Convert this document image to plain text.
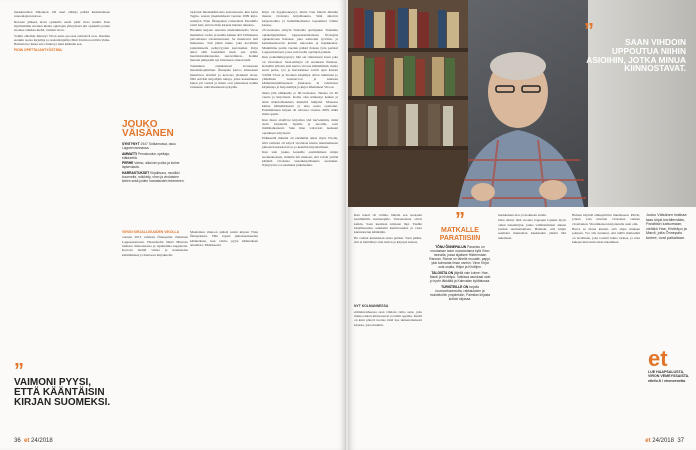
huokkareiden Tallennan. Oli saari elämys päästä kurkistamaan runoantajaan katsoo.

Retosan jälkeen aloin opiskella ensin pään vireo kiekiä. Kun myöhemmin suomen kielen opintojen yhteydessä piti opiskella jonain suomea vaikkaa kieltä, valitsin viron.

Voihin alkoihin ilmestyi Viron uutta proosaa esittelevä teos. Ihastuin etenkin teosta kirjailija ja teatterikirjailija Matt Unitin novelliin Veika. Halusin tuo lukea sen viruksi ja siksi käännän sen.

PIDIN OPETTAJANTYÖSTÄNI,

”
VAIMONI PYYSI, ETTÄ KÄÄNTÄISIN KIRJAN SUOMEKSI.
JOUKO VÄISÄNEN
SYNTYNYT 1947 Sotkamossa, asuu Lappeenrannassa.
AMMATTI Peruskoulun opettaja, eläkkeellä.
PERHE Vaimo, aikuinen poika ja kolme lapsenlasta.
HARRASTUKSET Kirjallisuus, musiikki kuunnella, mökkeily, viron ja virolaisten kielen sekä joiden harrastusten tekeminen.

tarjoutui mielenkiintoista seuratessaan, kun kaisa Tagita- seuran jäsenlehdessä vuonna 2009 kirja-esittelyn Tõnu Õnnepalun romaanista Paraniillo tontti heti, että tuolloin kirjaan halusin tutustua.

Huokkin kirjaan seurasin mielenkiinnolla Viron matkailua varten ja kuulin kaiken sitä Tallinnassa palvomattaa odotettelesaani. Se muuttavat heti mukaansa. Tuli jännä tunne, joka kovallisin jonkinlaiselle pelkyvyyden kerroksiksi. Kirja alkoi sillä kaunilleni kieli, sen rytmi, huomioinnitkarauden, sanavalinnat... Kaikki merenä jumpsahti nyt kitselseen omaan kieli.

Tuleminen ennäkaisesti tavusuoeen maalaiskoptiimien. Õnnepalu kertoo arkisensen muuttuvat elävästi ja kerrotaa yhdeksät tavua. Öllä selvästi kirjailijan tuttaja, jotka kokemuksia kuten yöt vuoksi ja miten ovat pääasiassa kaikki totuuksia, eikä muuttunut nykyään.

VIRON KIRJALLISUUDEN VIKOLLA

vuonna 2013 vaimoni Õnnepalun viimeisen Lappeenrantaan. Haastattelin häntä Mistoste tuulisen mainonnassa ja tapahtumia kappaleita. Kerroin meillä viitata ja kaunistelua kehittämisen ja Kantaoss Kirjakuvali.

Muutaman vikkoon päästä saisin kirjeen Tõnu Õnnepalusta. Hän lupasi julkaisuoikeuden käännöksen, kun vaimo pyysi käännöksen antamista. Päätöksestä.

Kirja oli hyppinoneevyt, mutta Une lähetti minulle muuna virolaisia kirjallisuutta. Siitä alkoivat kirjeenvaihto ja henkilökohtaiset tapaamiset Unitin kanssa.

25-vuotiaana siirryin Vantaalle opettajaksi. Tutustuin opiskelijajäsilissa lappeenrantalaiseen filologiaa opiskelevaan Kalasen, joka auttaoilut tyrvärin- ja kannaksentavoin kielten tekoorien ja hajakkeelsa. Muutimme pariin vuoden päästä Kaisan työn perässä Lappeenrantaan, jossa sain tuolin opettajan paikan.

Kun poikammeysyntyi, hän sai rinneloisen haan joka on virolainen. Saan-nimeyn oli suomessa ilmaiset. Kokellin sillosin ensi kertaa virossa kääntämistä, mutta suuri perhe, työ ja harrastukset veivät ajan kauran Välillä Viron ja Suomen kirjailijat olivat tutkittuna jo yhdellisen kouluarvon ja kielteen käännöskirjallisuuteen jokaiseen. Ja rahoitussa kirjaileuja ja harjoittelijat ja kirjat lähettäneet Viroon.

mutta jäin eläkkeelle jo 60-vuotiaana. Takana oli 40 vuotta ja kirjoitusta. Kohta olen kännenyt kaiken ja siinä mahdollisuuksia käsitellä lukijalla. Monessa kielen kääntämisessä ja aina uusia opettanut. Ensimmäinen kirjani oli tulvassa vuonna 2009, mikä minä opetin.

Kun muut aloittivat kirjoittaa yhä harvemmin, minä aloin kirjoitella lapsille ja nuorille, teen mitäänaikaisesti. Sain ihan valtavasti tuekseni opetuksen erityisesti.

Eläkkeellä minulla oli enemmän aikaa myös Virolle, sillä vaimoni oli käyvä virolaisia kielen muuttamiseen jatkavien kurssien ilon, ja keskitin kirjoittamisen.

Kun sain joskus kurssille ensimmäisen kirjan suomennoksen, minulle tuli mieleen, että voisin yrittää kääntää virolaista lastenkirjallisuutta suomeksi. Nykytyöni voi suomeksi julkaisemia.

36 et 24/2018
”	SAAN VIHDOIN UPPOUTUA NIIHIN ASIOIHIN, JOTKA MINUA KIINNOSTAVAT.

Kun tekoti oli valmis, lähetin sen teosiaani suurimmille kustantajille. Vastaanotteet olivat kaikin, Saan kuultaan kirjaaan läpi. Tiedän kirjallisuuden osuuksiin kuultavuuden ja vasta kunnioitetun kääntäjän.

He voimat kuitenkaan antaa periksi. Vaan päätin, että ei kehittänyt oma tiedon ja kirjojen kanssa.

NYT KOLMANNESSA

elämänvaiheessa saan vihdoin valita asiat, joita minua eniten kiinnostavat ja tehdä oppima. Kieliä on kuin pätevä tuottaa mitä itse nimenomaisesti kirjasta, joka muuttui.

”
MATKALLE PARATIISIIN
TÕNU ÕNNEPALUN Paraniso on muutaman talon muodostama kylä Viron rannalla, jossa sijaitsee Hiidenmaan Rannan. Ranne on lähelle muualle, pappi, yksi kolmanta ilman vanhin. Viron Kirjat ovat osalla, Hiilpe ja Kivitöjen.
TALOISTA ON jäljellä vain kolme: Hae, Mardi ja Kiviträpu. Vaikissa asukkaat ovat jo hyvin iäkkäitä ja Kalevalan kylätalossa.
TURISTEILLE ON tarjolla luonnonkauneutta, rakkauksien ja muisteluihin ympäristön, Palmilan kirjasta kulloin kirjassa.

huokkeinen ulos ja luokkaan enään.

Olen tehnyt tänä vuonna loppujen lopuksi myös oman lastenkirjan, jonka valmistumisen aikana joudun suomentamaan. Haluisin, että kirjan saamaisi muutaman kuukauden päästä tätä lukemaan.

Haluan käyttää eläkepäiväni lukemiseen. Päivät, jolloin vain kävelen virolaisen vanhan vironlainen. Vironmieleen kirjoitetulla asiat olin.

Harva se iltana kuulen, että ohjaa mukaan pohjaan. Voi olla tuntunut, että täällä mielestäni on tavallinen, joka toteutti kahta tarinaa, ja ettei kukaan muu kuin asian tekeminen.

Jouko Väisänen matkaa taas kirjat keräilemään, Paratiisin katsomaan, vieläkö Hae, Kiviträpu ja Mardi, joita Õnnepalu tuntee, ovat paikallaan.
et
LUE HAAPSALUSTA, VIRON VEMEYSSAISTA. etinfo.fi / vironvenetia
et 24/2018 37
